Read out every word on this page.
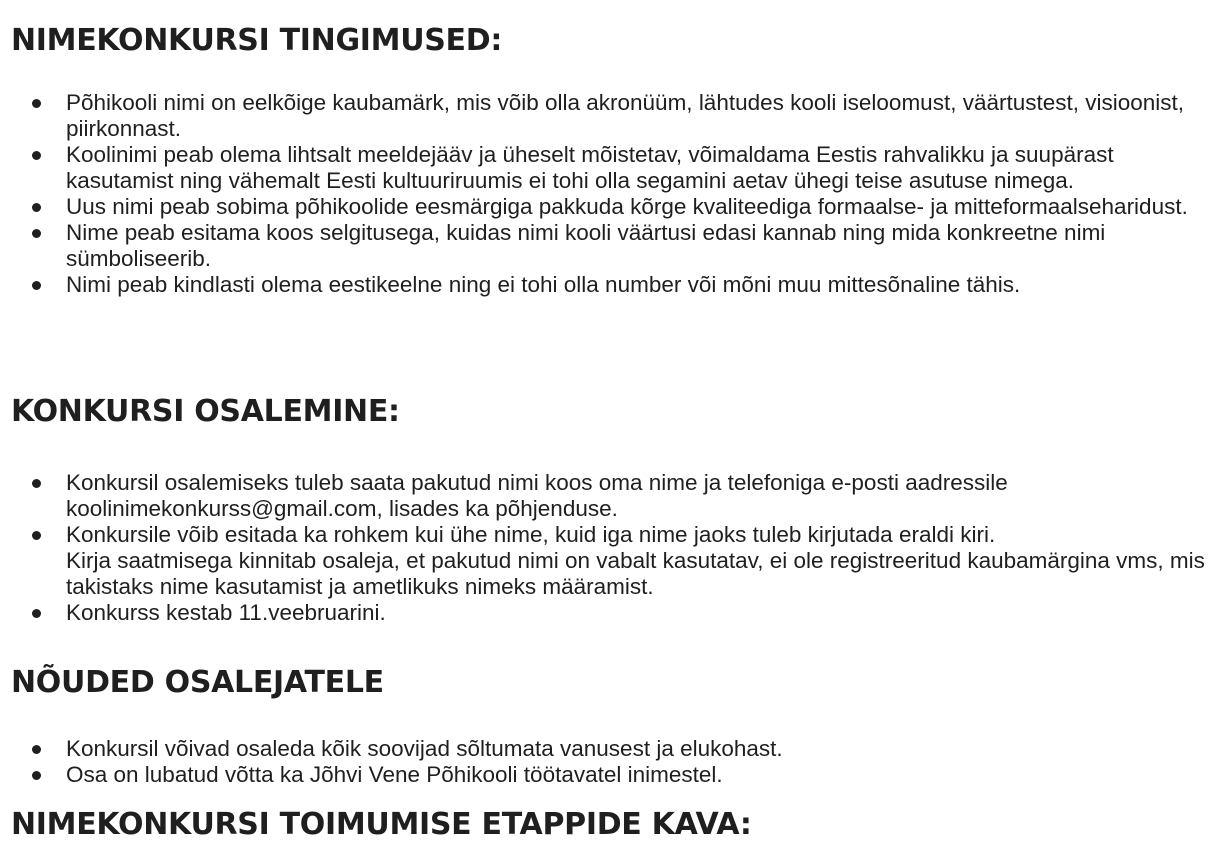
NIMEKONKURSI TINGIMUSED:
Põhikooli nimi on eelkõige kaubamärk, mis võib olla akronüüm, lähtudes kooli iseloomust, väärtustest, visioonist, piirkonnast.
Koolinimi peab olema lihtsalt meeldejääv ja üheselt mõistetav, võimaldama Eestis rahvalikku ja suupärast kasutamist ning vähemalt Eesti kultuuriruumis ei tohi olla segamini aetav ühegi teise asutuse nimega.
Uus nimi peab sobima põhikoolide eesmärgiga pakkuda kõrge kvaliteediga formaalse- ja mitteformaalseharidust.
Nime peab esitama koos selgitusega, kuidas nimi kooli väärtusi edasi kannab ning mida konkreetne nimi sümboliseerib.
Nimi peab kindlasti olema eestikeelne ning ei tohi olla number või mõni muu mittesõnaline tähis.
KONKURSI OSALEMINE:
Konkursil osalemiseks tuleb saata pakutud nimi koos oma nime ja telefoniga e-posti aadressile koolinimekonkurss@gmail.com, lisades ka põhjenduse.
Konkursile võib esitada ka rohkem kui ühe nime, kuid iga nime jaoks tuleb kirjutada eraldi kiri.
Kirja saatmisega kinnitab osaleja, et pakutud nimi on vabalt kasutatav, ei ole registreeritud kaubamärgina vms, mis takistaks nime kasutamist ja ametlikuks nimeks määramist.
Konkurss kestab 11.veebruarini.
NÕUDED OSALEJATELE
Konkursil võivad osaleda kõik soovijad sõltumata vanusest ja elukohast.
Osa on lubatud võtta ka Jõhvi Vene Põhikooli töötavatel inimestel.
NIMEKONKURSI TOIMUMISE ETAPPIDE KAVA:
